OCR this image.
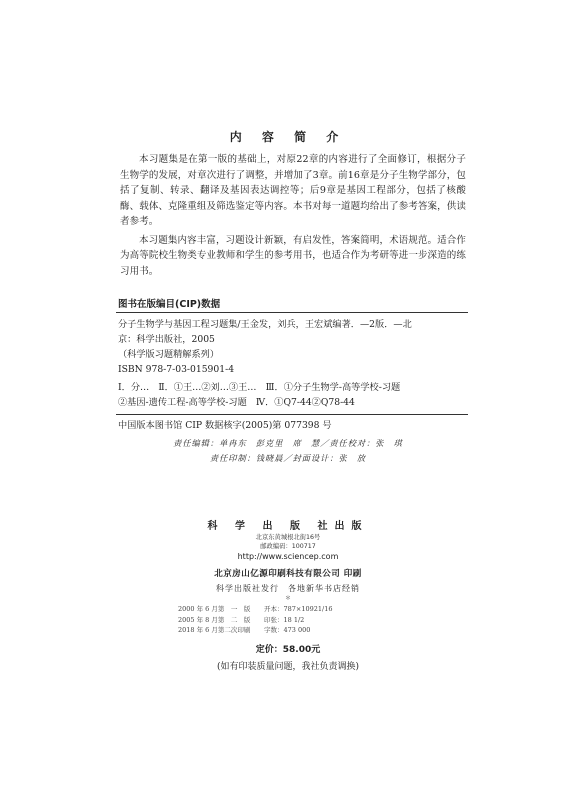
内 容 简 介

本习题集是在第一版的基础上，对原22章的内容进行了全面修订，根据分子生物学的发展，对章次进行了调整，并增加了3章。前16章是分子生物学部分，包括了复制、转录、翻译及基因表达调控等；后9章是基因工程部分，包括了核酸酶、载体、克隆重组及筛选鉴定等内容。本书对每一道题均给出了参考答案，供读者参考。

本习题集内容丰富，习题设计新颖，有启发性，答案简明，术语规范。适合作为高等院校生物类专业教师和学生的参考用书，也适合作为考研等进一步深造的练习用书。

图书在版编目(CIP)数据
分子生物学与基因工程习题集/王金发，刘兵，王宏斌编著．—2版．—北
京：科学出版社，2005
（科学版习题精解系列）
ISBN 978-7-03-015901-4
Ⅰ．分…　Ⅱ．①王…②刘…③王…　Ⅲ．①分子生物学-高等学校-习题
②基因-遗传工程-高等学校-习题　Ⅳ．①Q7-44②Q78-44
中国版本图书馆 CIP 数据核字(2005)第 077398 号
责任编辑：单冉东　彭克里　席　慧／责任校对：张　琪
责任印制：钱晓晨／封面设计：张　放
科 学 出 版 社出版
北京东黄城根北街16号
邮政编码：100717
http://www.sciencep.com
北京房山亿源印刷科技有限公司 印刷
科学出版社发行　各地新华书店经销
＊
2000 年 6 月第　一　版	开本：787×1092	1/16
2005 年 8 月第　二　版	印张：18 1/2	
2018 年 6 月第二次印刷	字数：473 000	
定价：58.00元
(如有印装质量问题，我社负责调换)
